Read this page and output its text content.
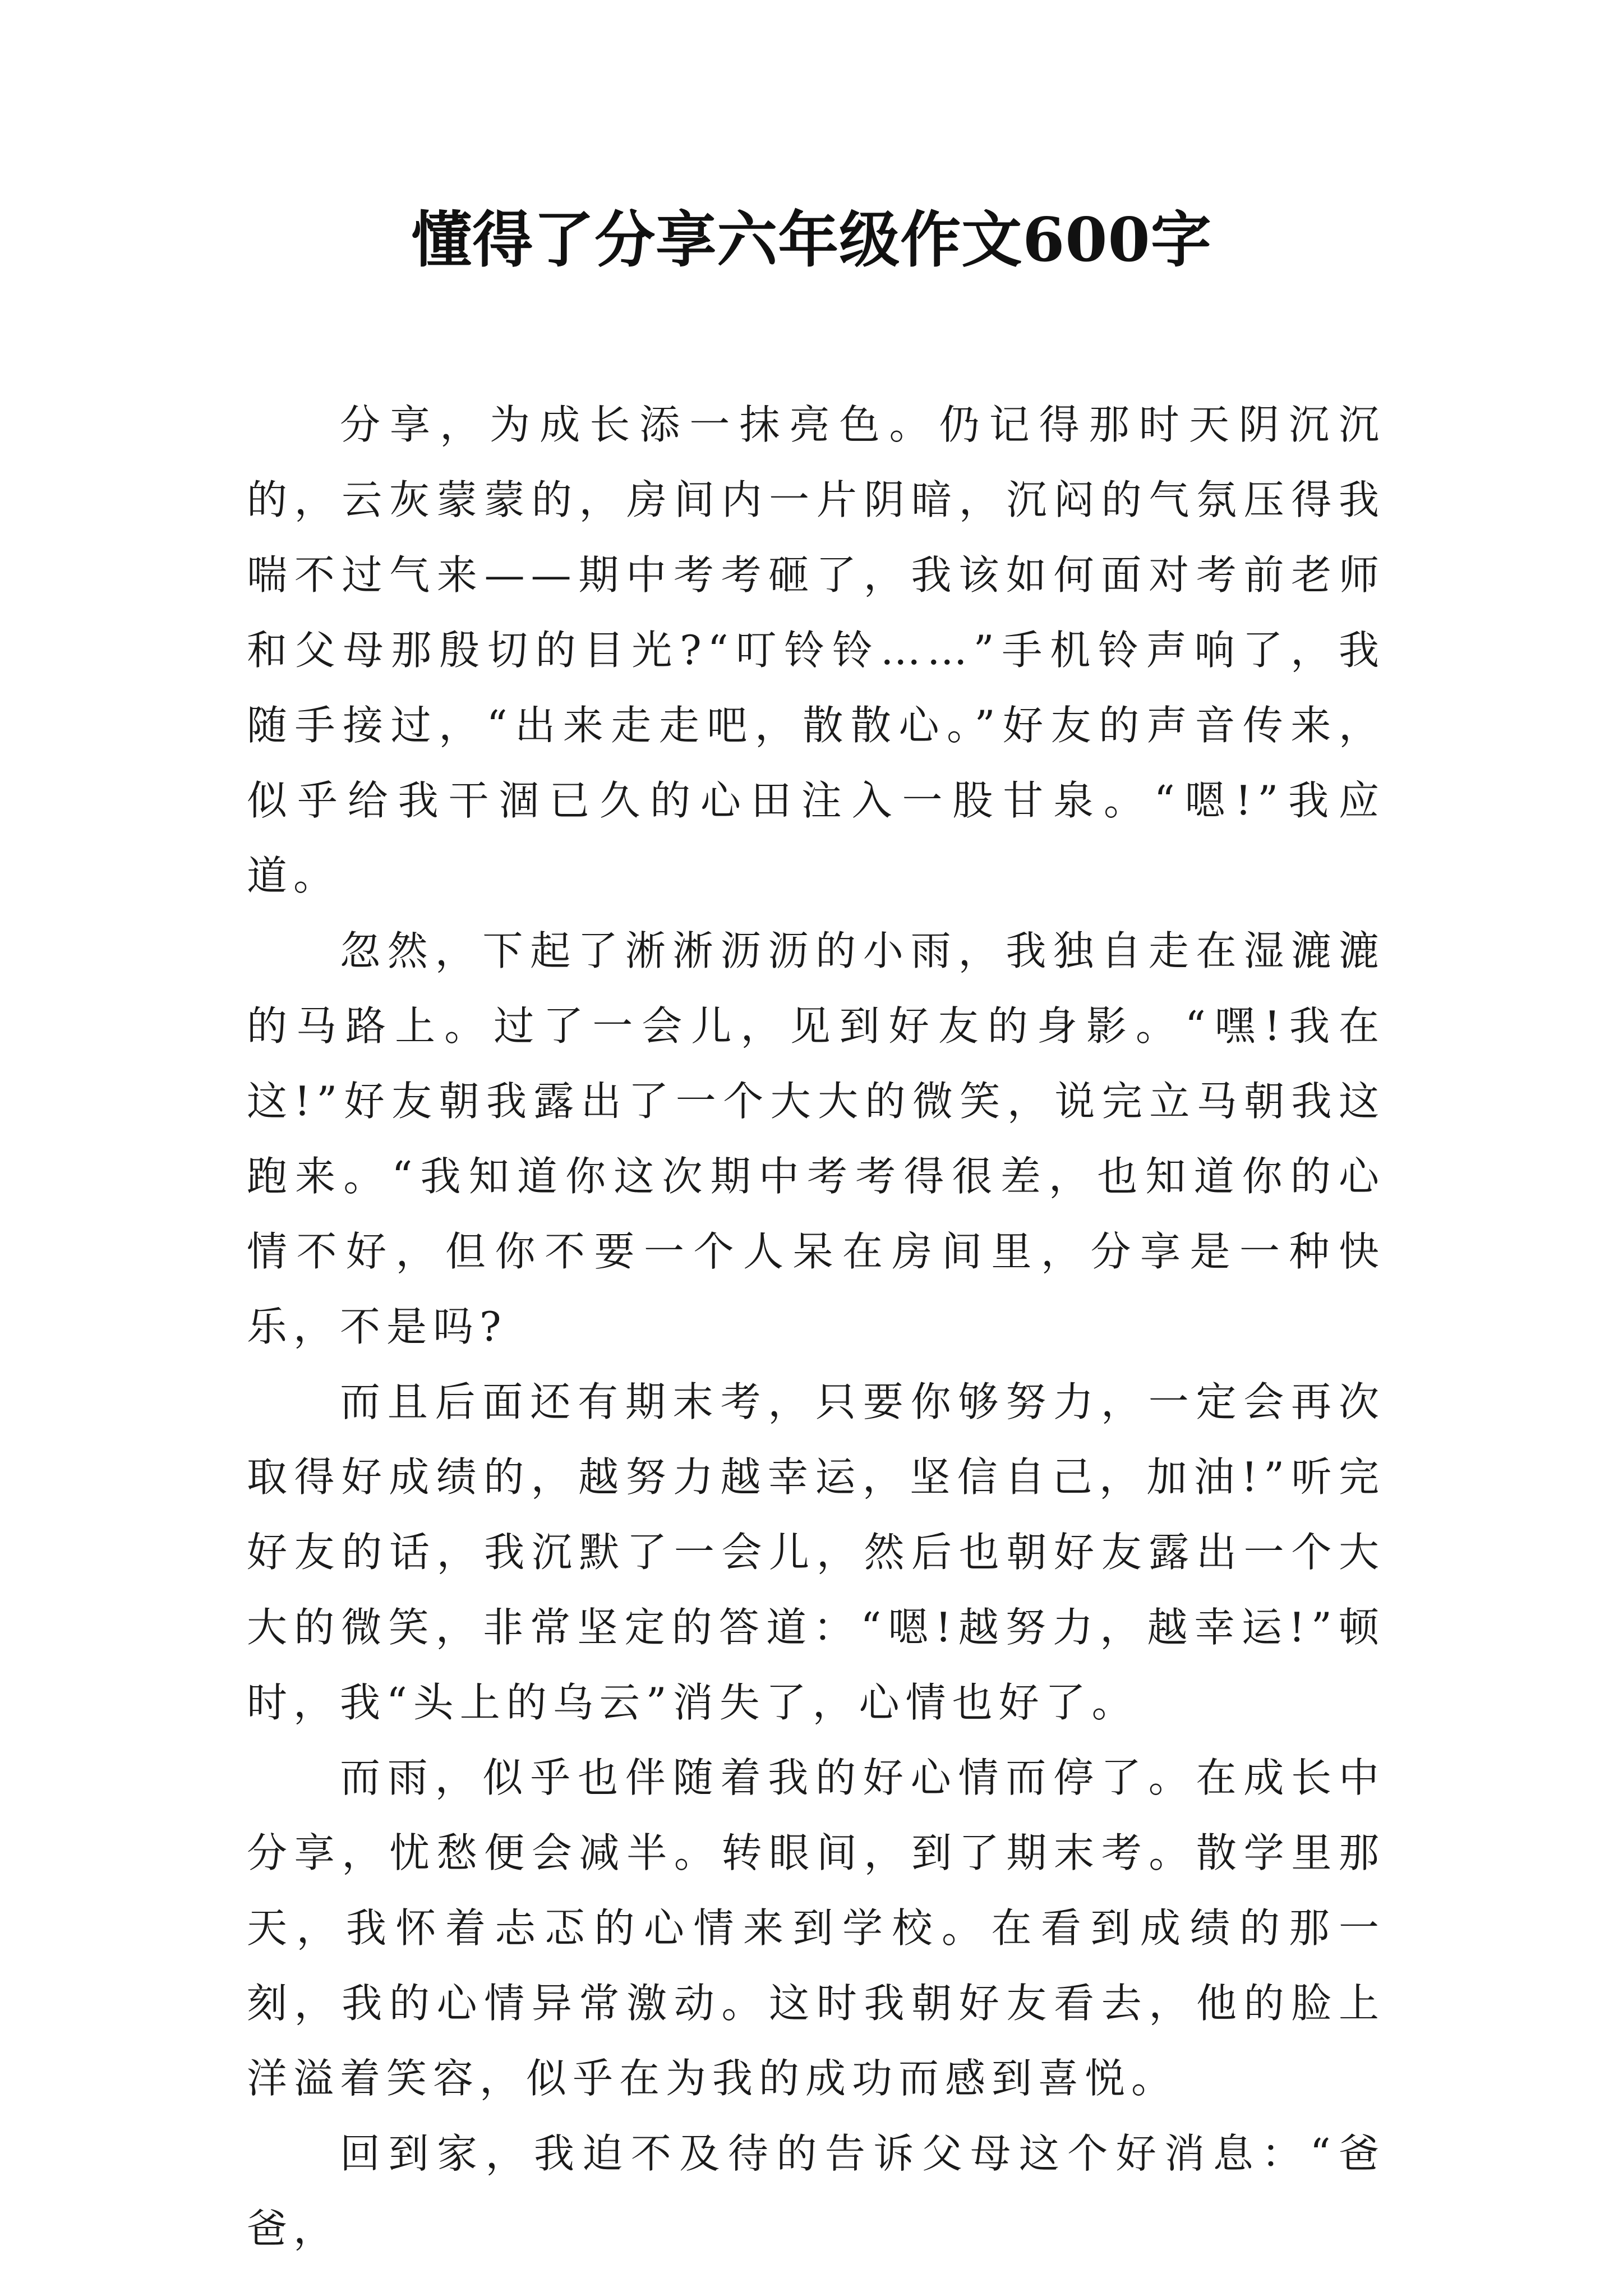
懂得了分享六年级作文600字

分享，为成长添一抹亮色。仍记得那时天阴沉沉的，云灰蒙蒙的，房间内一片阴暗，沉闷的气氛压得我喘不过气来——期中考考砸了，我该如何面对考前老师和父母那殷切的目光?“叮铃铃……”手机铃声响了，我随手接过，“出来走走吧，散散心。”好友的声音传来，似乎给我干涸已久的心田注入一股甘泉。“嗯!”我应道。

忽然，下起了淅淅沥沥的小雨，我独自走在湿漉漉的马路上。过了一会儿，见到好友的身影。“嘿!我在这!”好友朝我露出了一个大大的微笑，说完立马朝我这跑来。“我知道你这次期中考考得很差，也知道你的心情不好，但你不要一个人呆在房间里，分享是一种快乐，不是吗?

而且后面还有期末考，只要你够努力，一定会再次取得好成绩的，越努力越幸运，坚信自己，加油!”听完好友的话，我沉默了一会儿，然后也朝好友露出一个大大的微笑，非常坚定的答道：“嗯!越努力，越幸运!”顿时，我“头上的乌云”消失了，心情也好了。

而雨，似乎也伴随着我的好心情而停了。在成长中分享，忧愁便会减半。转眼间，到了期末考。散学里那天，我怀着忐忑的心情来到学校。在看到成绩的那一刻，我的心情异常激动。这时我朝好友看去，他的脸上洋溢着笑容，似乎在为我的成功而感到喜悦。

回到家，我迫不及待的告诉父母这个好消息：“爸爸，
